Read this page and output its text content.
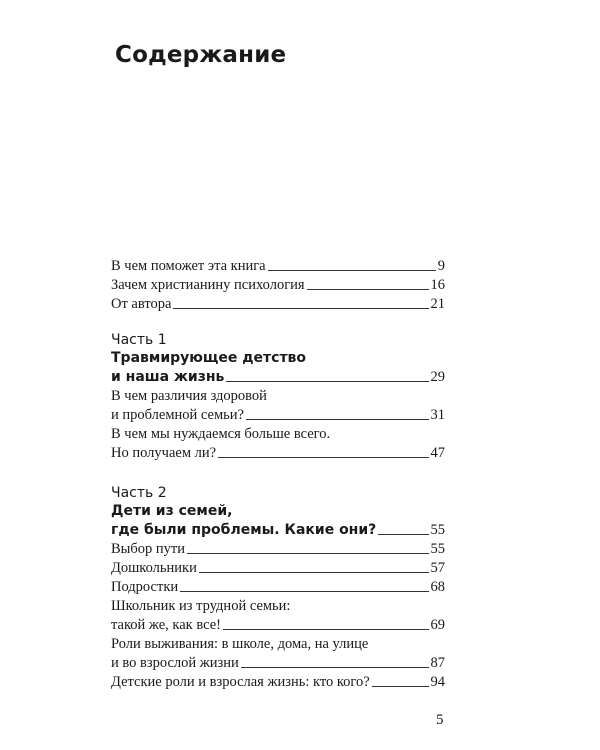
Содержание
В чем поможет эта книга	9
Зачем христианину психология	16
От автора	21
Часть 1
Травмирующее детство
и наша жизнь	29
В чем различия здоровой
и проблемной семьи?	31
В чем мы нуждаемся больше всего.
Но получаем ли?	47
Часть 2
Дети из семей,
где были проблемы. Какие они?	55
Выбор пути	55
Дошкольники	57
Подростки	68
Школьник из трудной семьи:
такой же, как все!	69
Роли выживания: в школе, дома, на улице
и во взрослой жизни	87
Детские роли и взрослая жизнь: кто кого?	94
5
